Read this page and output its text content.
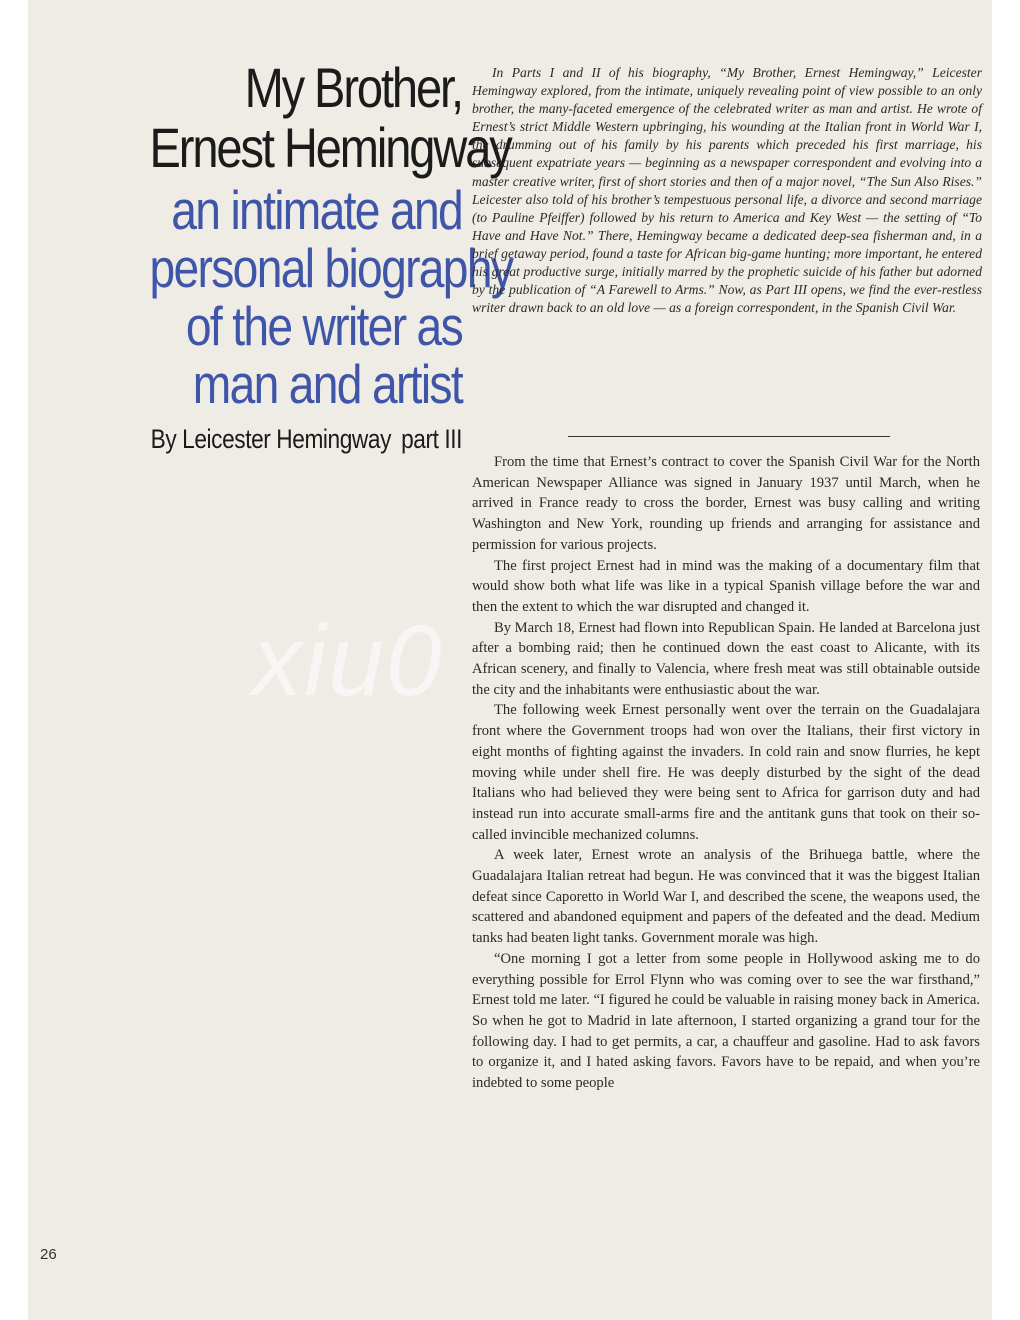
My Brother,
Ernest Hemingway
an intimate and
personal biography
of the writer as
man and artist
By Leicester Hemingway part III

In Parts I and II of his biography, “My Brother, Ernest Hemingway,” Leicester Hemingway explored, from the intimate, uniquely revealing point of view possible to an only brother, the many-faceted emergence of the celebrated writer as man and artist. He wrote of Ernest’s strict Middle Western upbringing, his wounding at the Italian front in World War I, the drumming out of his family by his parents which preceded his first marriage, his subsequent expatriate years — beginning as a newspaper correspondent and evolving into a master creative writer, first of short stories and then of a major novel, “The Sun Also Rises.” Leicester also told of his brother’s tempestuous personal life, a divorce and second marriage (to Pauline Pfeiffer) followed by his return to America and Key West — the setting of “To Have and Have Not.” There, Hemingway became a dedicated deep-sea fisherman and, in a brief getaway period, found a taste for African big-game hunting; more important, he entered his great productive surge, initially marred by the prophetic suicide of his father but adorned by the publication of “A Farewell to Arms.” Now, as Part III opens, we find the ever-restless writer drawn back to an old love — as a foreign correspondent, in the Spanish Civil War.

From the time that Ernest’s contract to cover the Spanish Civil War for the North American Newspaper Alliance was signed in January 1937 until March, when he arrived in France ready to cross the border, Ernest was busy calling and writing Washington and New York, rounding up friends and arranging for assistance and permission for various projects.

The first project Ernest had in mind was the making of a documentary film that would show both what life was like in a typical Spanish village before the war and then the extent to which the war disrupted and changed it.

By March 18, Ernest had flown into Republican Spain. He landed at Barcelona just after a bombing raid; then he continued down the east coast to Alicante, with its African scenery, and finally to Valencia, where fresh meat was still obtainable outside the city and the inhabitants were enthusiastic about the war.

The following week Ernest personally went over the terrain on the Guadalajara front where the Government troops had won over the Italians, their first victory in eight months of fighting against the invaders. In cold rain and snow flurries, he kept moving while under shell fire. He was deeply disturbed by the sight of the dead Italians who had believed they were being sent to Africa for garrison duty and had instead run into accurate small-arms fire and the antitank guns that took on their so-called invincible mechanized columns.

A week later, Ernest wrote an analysis of the Brihuega battle, where the Guadalajara Italian retreat had begun. He was convinced that it was the biggest Italian defeat since Caporetto in World War I, and described the scene, the weapons used, the scattered and abandoned equipment and papers of the defeated and the dead. Medium tanks had beaten light tanks. Government morale was high.

“One morning I got a letter from some people in Hollywood asking me to do everything possible for Errol Flynn who was coming over to see the war firsthand,” Ernest told me later. “I figured he could be valuable in raising money back in America. So when he got to Madrid in late afternoon, I started organizing a grand tour for the following day. I had to get permits, a car, a chauffeur and gasoline. Had to ask favors to organize it, and I hated asking favors. Favors have to be repaid, and when you’re indebted to some people

26
xiu0
